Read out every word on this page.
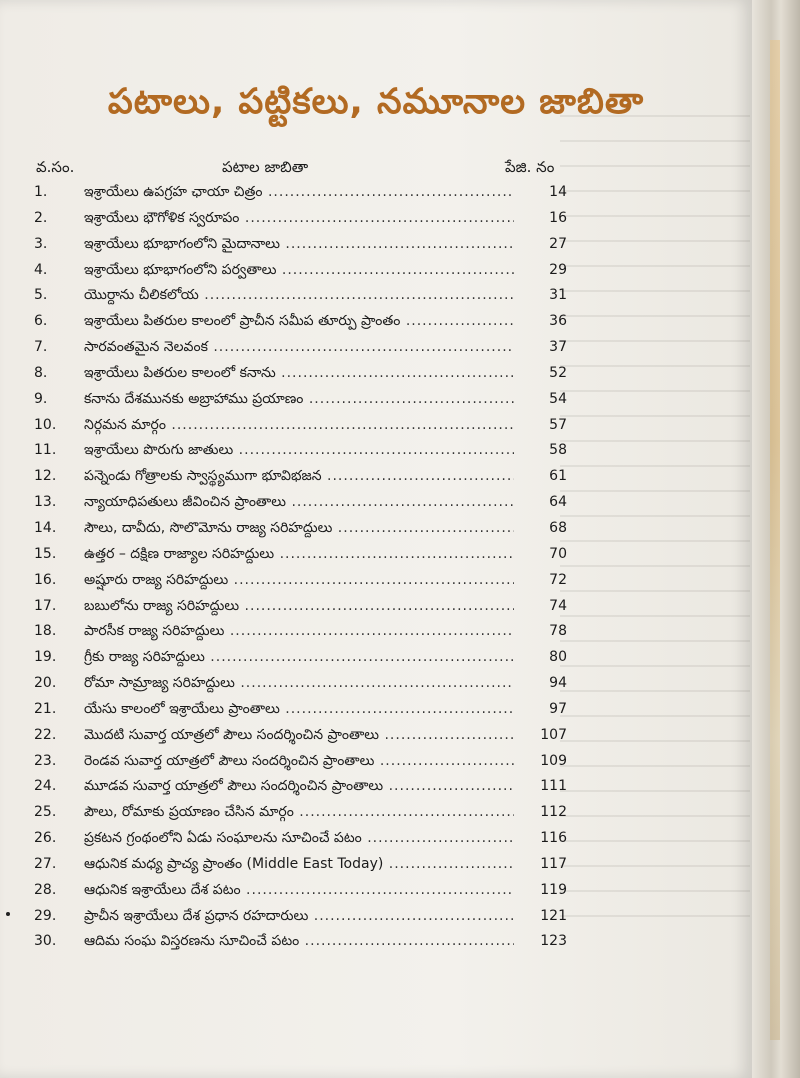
పటాలు, పట్టికలు, నమూనాల జాబితా
వ.సం.	పటాల జాబితా	పేజి. నం
1.	ఇశ్రాయేలు ఉపగ్రహ ఛాయా చిత్రం .....	14
2.	ఇశ్రాయేలు భౌగోళిక స్వరూపం .....	16
3.	ఇశ్రాయేలు భూభాగంలోని మైదానాలు .....	27
4.	ఇశ్రాయేలు భూభాగంలోని పర్వతాలు .....	29
5.	యొర్దాను చీలికలోయ .....	31
6.	ఇశ్రాయేలు పితరుల కాలంలో ప్రాచీన సమీప తూర్పు ప్రాంతం .....	36
7.	సారవంతమైన నెలవంక .....	37
8.	ఇశ్రాయేలు పితరుల కాలంలో కనాను .....	52
9.	కనాను దేశమునకు అబ్రాహాము ప్రయాణం .....	54
10. నిర్గమన మార్గం .....	57
11. ఇశ్రాయేలు పొరుగు జాతులు .....	58
12. పన్నెండు గోత్రాలకు స్వాస్థ్యముగా భూవిభజన .....	61
13. న్యాయాధిపతులు జీవించిన ప్రాంతాలు .....	64
14. సౌలు, దావీదు, సొలొమోను రాజ్య సరిహద్దులు .....	68
15. ఉత్తర – దక్షిణ రాజ్యాల సరిహద్దులు .....	70
16. అష్షూరు రాజ్య సరిహద్దులు .....	72
17. బబులోను రాజ్య సరిహద్దులు .....	74
18. పారసీక రాజ్య సరిహద్దులు .....	78
19. గ్రీకు రాజ్య సరిహద్దులు .....	80
20. రోమా సామ్రాజ్య సరిహద్దులు .....	94
21. యేసు కాలంలో ఇశ్రాయేలు ప్రాంతాలు .....	97
22. మొదటి సువార్త యాత్రలో పౌలు సందర్శించిన ప్రాంతాలు .....	107
23. రెండవ సువార్త యాత్రలో పౌలు సందర్శించిన ప్రాంతాలు .....	109
24. మూడవ సువార్త యాత్రలో పౌలు సందర్శించిన ప్రాంతాలు .....	111
25. పౌలు, రోమాకు ప్రయాణం చేసిన మార్గం .....	112
26. ప్రకటన గ్రంథంలోని ఏడు సంఘాలను సూచించే పటం .....	116
27. ఆధునిక మధ్య ప్రాచ్య ప్రాంతం (Middle East Today) .....	117
28. ఆధునిక ఇశ్రాయేలు దేశ పటం .....	119
29. ప్రాచీన ఇశ్రాయేలు దేశ ప్రధాన రహదారులు .....	121
30. ఆదిమ సంఘ విస్తరణను సూచించే పటం .....	123
